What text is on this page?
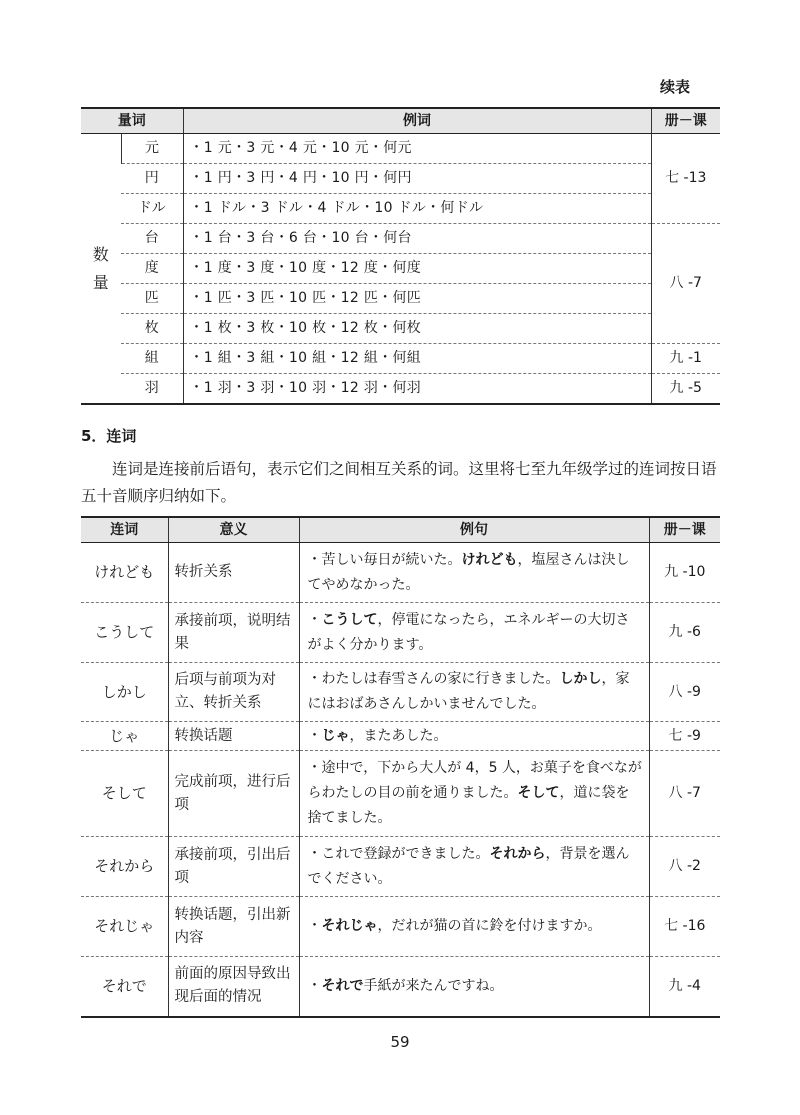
续表
量词		例词	册－课
数量	元	・1 元・3 元・4 元・10 元・何元	七 -13
	円	・1 円・3 円・4 円・10 円・何円	
	ドル	・1 ドル・3 ドル・4 ドル・10 ドル・何ドル	
	台	・1 台・3 台・6 台・10 台・何台	八 -7
	度	・1 度・3 度・10 度・12 度・何度	
	匹	・1 匹・3 匹・10 匹・12 匹・何匹	
	枚	・1 枚・3 枚・10 枚・12 枚・何枚	
	組	・1 組・3 組・10 組・12 組・何組	九 -1
	羽	・1 羽・3 羽・10 羽・12 羽・何羽	九 -5
5．连词
连词是连接前后语句，表示它们之间相互关系的词。这里将七至九年级学过的连词按日语五十音顺序归纳如下。
连词	意义	例句	册－课
けれども	转折关系	・苦しい毎日が続いた。けれども，塩屋さんは決してやめなかった。	九 -10
こうして	承接前项，说明结果	・こうして，停電になったら，エネルギーの大切さがよく分かります。	九 -6
しかし	后项与前项为对立、转折关系	・わたしは春雪さんの家に行きました。しかし，家にはおばあさんしかいませんでした。	八 -9
じゃ	转换话题	・じゃ，またあした。	七 -9
そして	完成前项，进行后项	・途中で，下から大人が 4，5 人，お菓子を食べながらわたしの目の前を通りました。そして，道に袋を捨てました。	八 -7
それから	承接前项，引出后项	・これで登録ができました。それから，背景を選んでください。	八 -2
それじゃ	转换话题，引出新内容	・それじゃ，だれが猫の首に鈴を付けますか。	七 -16
それで	前面的原因导致出现后面的情况	・それで手紙が来たんですね。	九 -4
59
